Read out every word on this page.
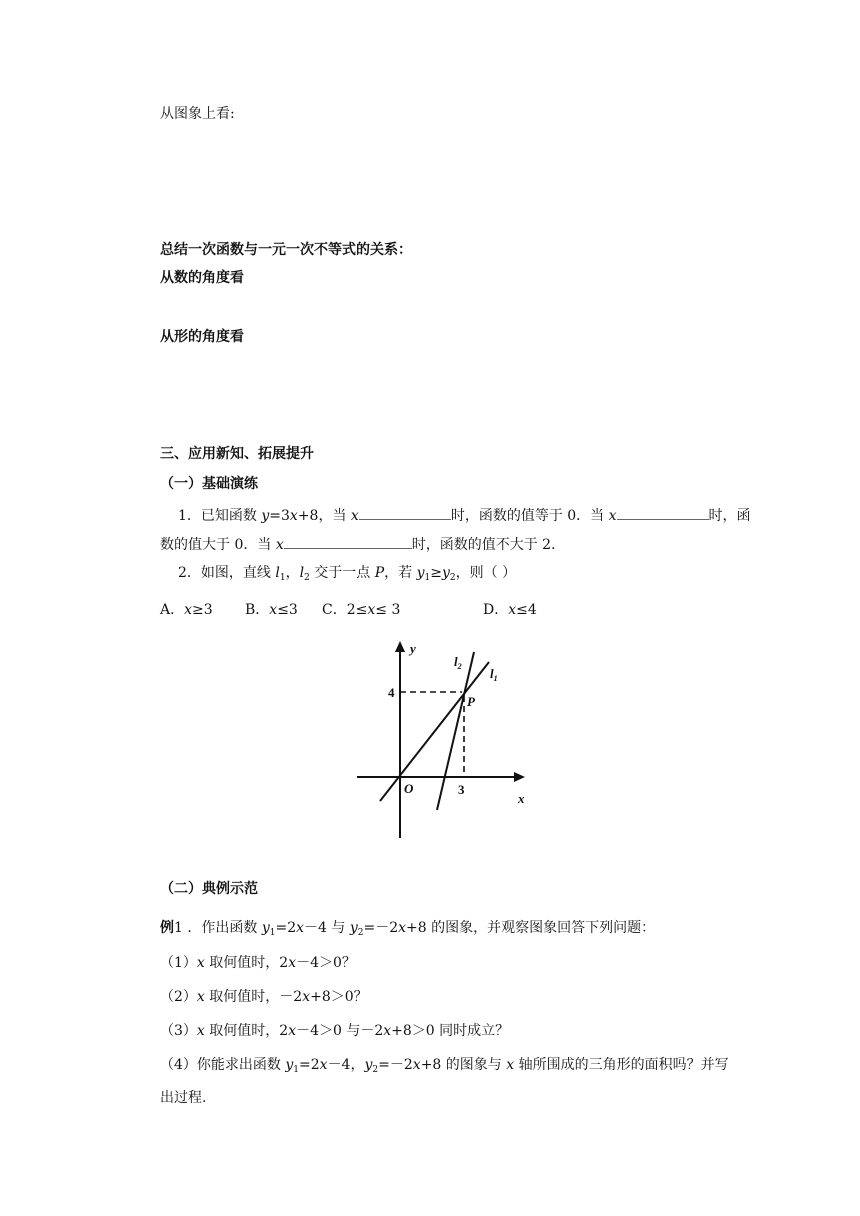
从图象上看:
总结一次函数与一元一次不等式的关系：
从数的角度看
从形的角度看
三、应用新知、拓展提升
（一）基础演练
1．已知函数 y=3x+8，当 x	时，函数的值等于 0．当 x	时，函
数的值大于 0．当 x	时，函数的值不大于 2．
2．如图，直线 $l_1$，$l_2$ 交于一点 P，若 $y_1\ge y_2$，则（ ）
A．x≥3 B．x≤3 C．2≤x≤ 3	D．x≤4
y
x
O
P
4
3
$l_2$ $l_1$
（二）典例示范
例1 ．作出函数 $y_1=2x-4$ 与 $y_2=-2x+8$ 的图象，并观察图象回答下列问题：
（1）x 取何值时，2x－4＞0？
（2）x 取何值时，－2x+8＞0？
（3）x 取何值时，2x－4＞0 与－2x+8＞0 同时成立？
（4）你能求出函数 $y_1=2x-4$，$y_2=-2x+8$ 的图象与 x 轴所围成的三角形的面积吗？并写
出过程.
